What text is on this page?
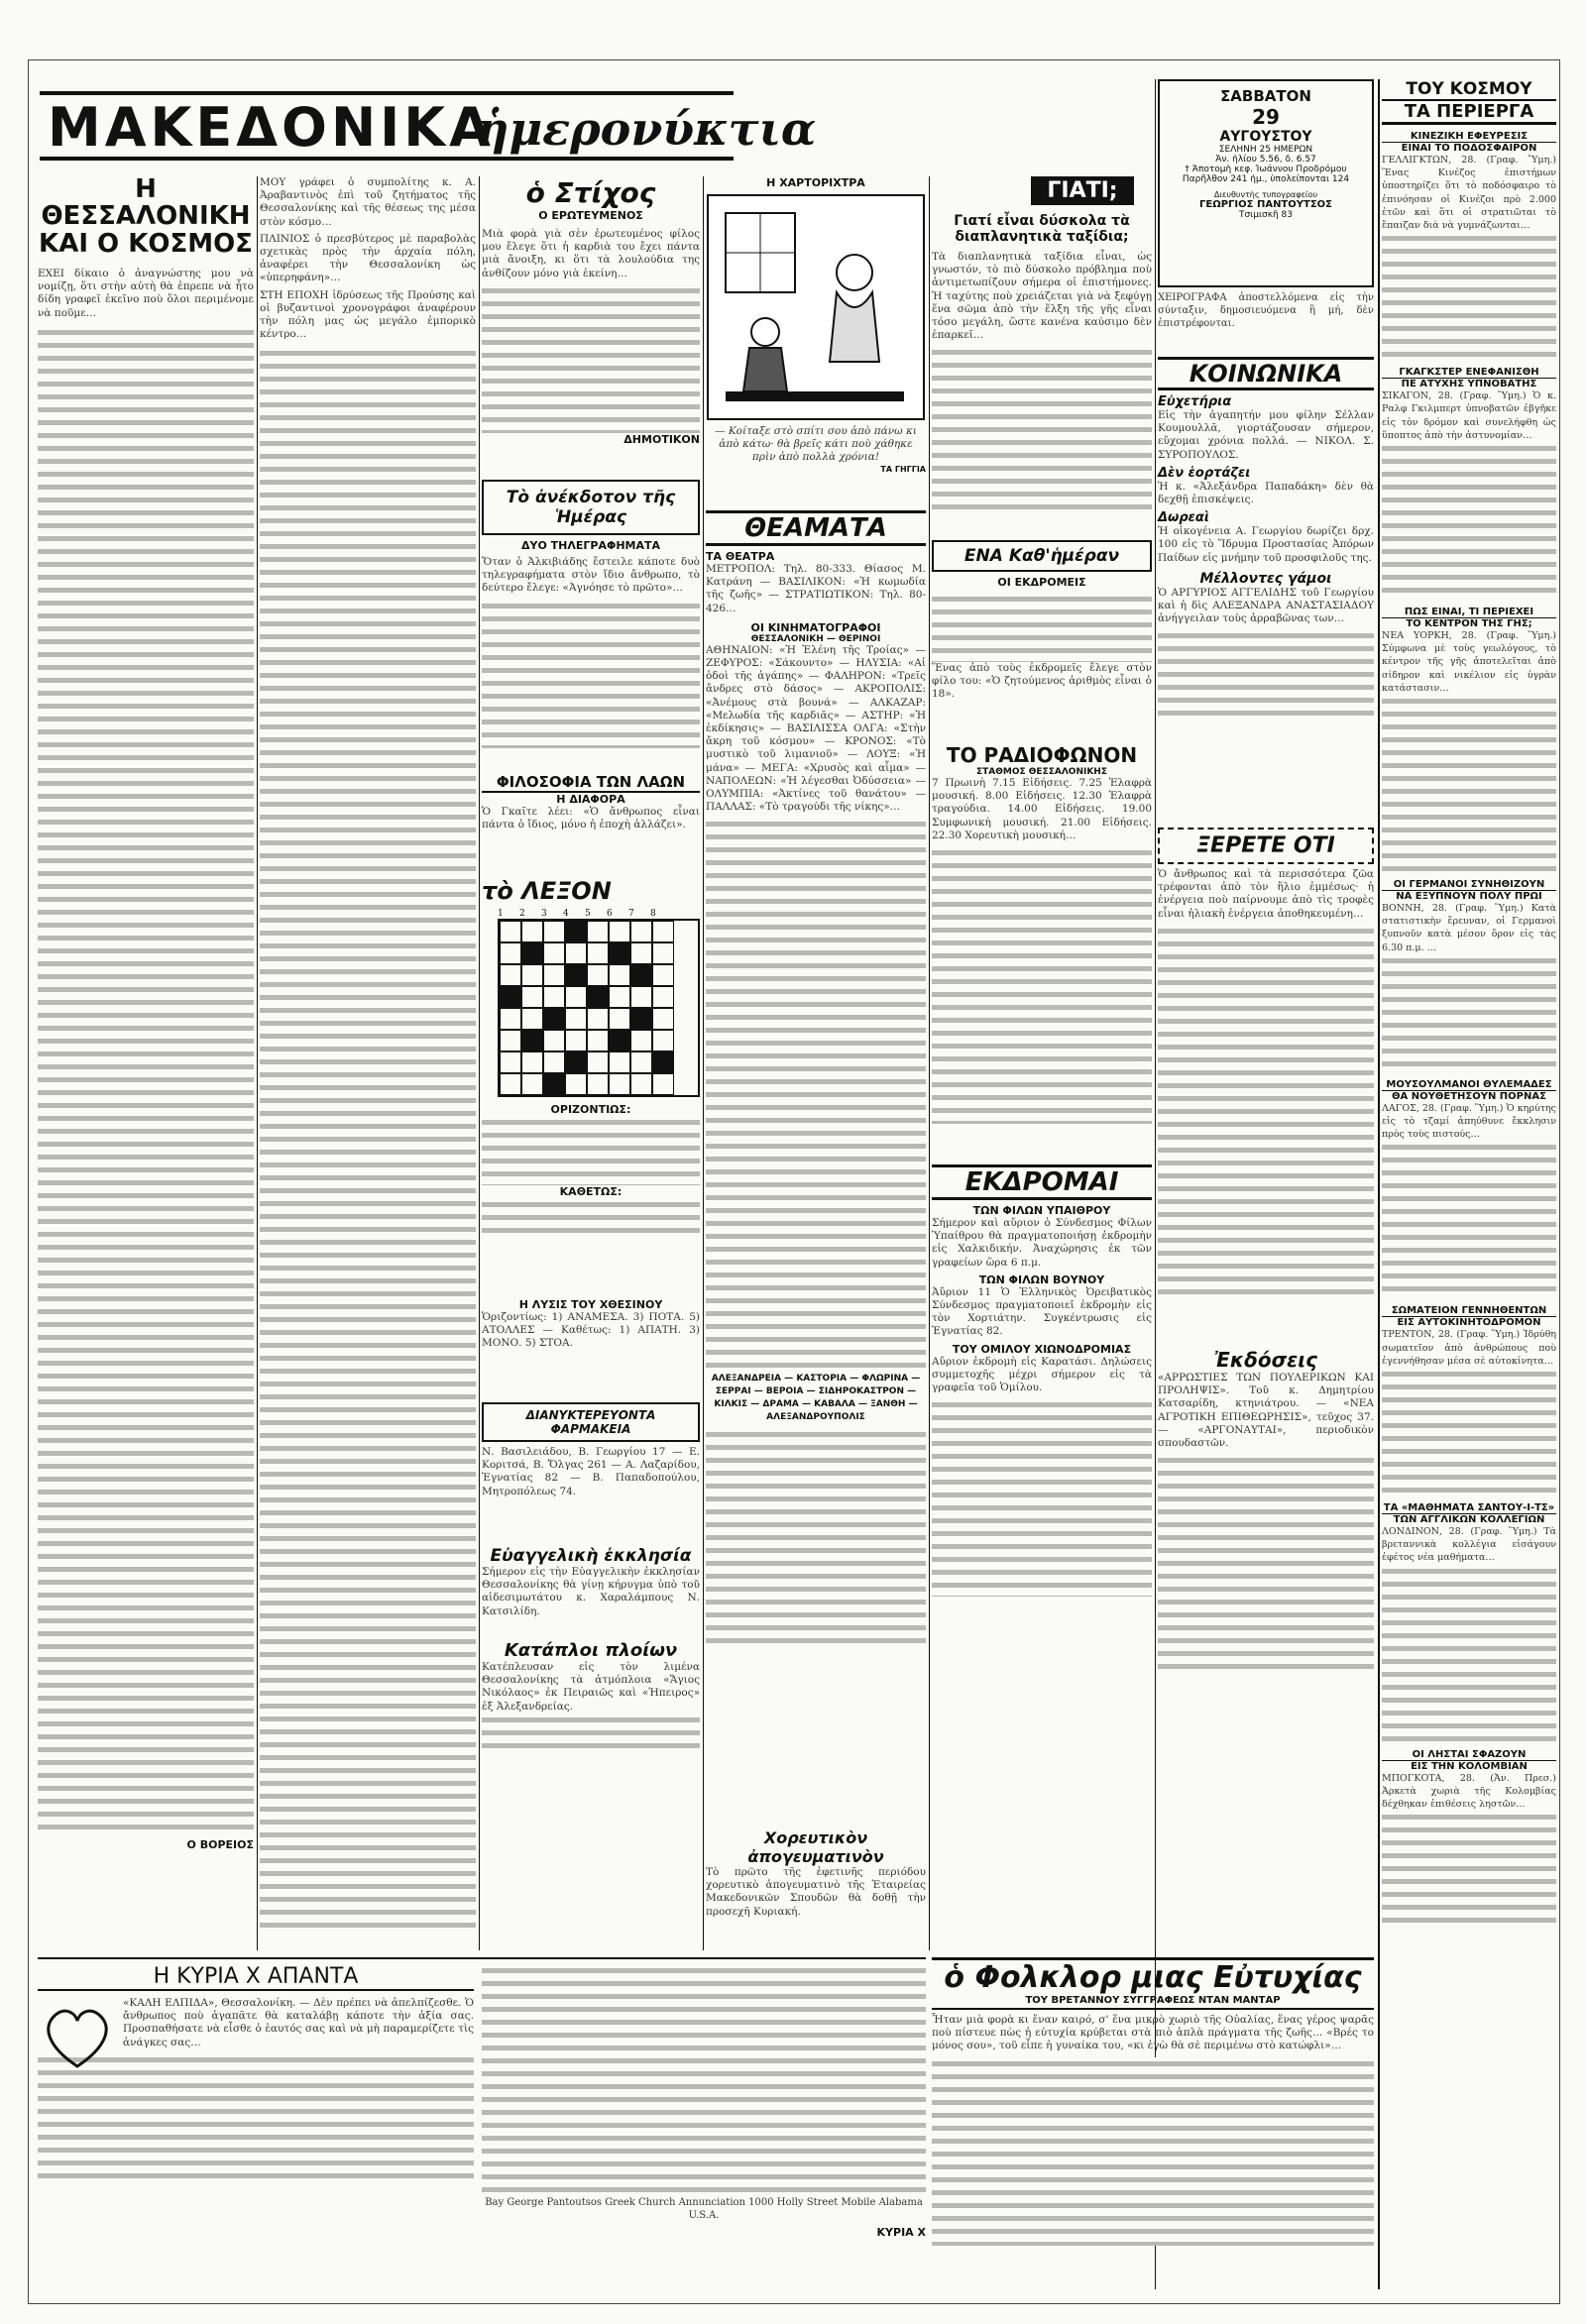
ΜΑΚΕΔΟΝΙΚΑ
ἡμερονύκτια
Η ΘΕΣΣΑΛΟΝΙΚΗ ΚΑΙ Ο ΚΟΣΜΟΣ

ΕΧΕΙ δίκαιο ὁ ἀναγνώστης μου νὰ νομίζῃ, ὅτι στὴν αὐτὴ θὰ ἐπρεπε νὰ ἦτο δίδη γραφεῖ ἐκεῖνο ποὺ ὅλοι περιμένομε νὰ ποῦμε…

Ο ΒΟΡΕΙΟΣ

ΜΟΥ γράφει ὁ συμπολίτης κ. Α. Ἀραβαντινὸς ἐπὶ τοῦ ζητήματος τῆς Θεσσαλονίκης καὶ τῆς θέσεως της μέσα στὸν κόσμο…

ΠΛΙΝΙΟΣ ὁ πρεσβύτερος μὲ παραβολὰς σχετικὰς πρὸς τὴν ἀρχαία πόλη, ἀναφέρει τὴν Θεσσαλονίκη ὡς «ὑπερηφάνη»…

ΣΤΗ ΕΠΟΧΗ ἰδρύσεως τῆς Προύσης καὶ οἱ βυζαντινοὶ χρονογράφοι ἀναφέρουν τὴν πόλη μας ὡς μεγάλο ἐμπορικὸ κέντρο…

ὁ Στίχος
Ο ΕΡΩΤΕΥΜΕΝΟΣ
Μιὰ φορὰ γιὰ σὲν ἐρωτευμένος φίλος μου ἔλεγε ὅτι ἡ καρδιὰ του ἔχει πάντα μιὰ ἄνοιξη, κι ὅτι τὰ λουλούδια της ἀνθίζουν μόνο γιὰ ἐκείνη…
ΔΗΜΟΤΙΚΟΝ
Τὸ ἀνέκδοτον τῆς Ἡμέρας
ΔΥΟ ΤΗΛΕΓΡΑΦΗΜΑΤΑ
Ὅταν ὁ Ἀλκιβιάδης ἔστειλε κάποτε δυὸ τηλεγραφήματα στὸν ἴδιο ἄνθρωπο, τὸ δεύτερο ἔλεγε: «Ἀγνόησε τὸ πρῶτο»…
ΦΙΛΟΣΟΦΙΑ ΤΩΝ ΛΑΩΝ
Η ΔΙΑΦΟΡΑ
Ὁ Γκαῖτε λέει: «Ὁ ἄνθρωπος εἶναι πάντα ὁ ἴδιος, μόνο ἡ ἐποχὴ ἀλλάζει».
τὸ ΛΕΞΟΝ
1	2	3	4	5	6	7	8
ΟΡΙΖΟΝΤΙΩΣ:
ΚΑΘΕΤΩΣ:
Η ΛΥΣΙΣ ΤΟΥ ΧΘΕΣΙΝΟΥ
Ὁριζοντίως: 1) ΑΝΑΜΕΣΑ. 3) ΠΟΤΑ. 5) ΑΤΟΛΛΕΣ — Καθέτως: 1) ΑΠΑΤΗ. 3) ΜΟΝΟ. 5) ΣΤΟΑ.
ΔΙΑΝΥΚΤΕΡΕΥΟΝΤΑ ΦΑΡΜΑΚΕΙΑ
Ν. Βασιλειάδου, Β. Γεωργίου 17 — Ε. Κοριτσά, Β. Ὄλγας 261 — Α. Λαζαρίδου, Ἐγνατίας 82 — Β. Παπαδοπούλου, Μητροπόλεως 74.
Εὐαγγελικὴ ἐκκλησία
Σήμερον εἰς τὴν Εὐαγγελικὴν ἐκκλησίαν Θεσσαλονίκης θὰ γίνῃ κήρυγμα ὑπὸ τοῦ αἰδεσιμωτάτου κ. Χαραλάμπους Ν. Κατσιλίδη.
Κατάπλοι πλοίων
Κατέπλευσαν εἰς τὸν λιμένα Θεσσαλονίκης τὰ ἀτμόπλοια «Ἄγιος Νικόλαος» ἐκ Πειραιῶς καὶ «Ἠπειρος» ἐξ Ἀλεξανδρείας.
Η ΧΑΡΤΟΡΙΧΤΡΑ
— Κοίταξε στὸ σπίτι σου ἀπὸ πάνω κι ἀπὸ κάτω· θὰ βρεῖς κάτι ποὺ χάθηκε πρὶν ἀπὸ πολλὰ χρόνια!
ΤΑ ΓΗΓΓΙΑ
ΘΕΑΜΑΤΑ
ΤΑ ΘΕΑΤΡΑ
ΜΕΤΡΟΠΟΛ: Τηλ. 80-333. Θίασος Μ. Κατράνη — ΒΑΣΙΛΙΚΟΝ: «Ἡ κωμωδία τῆς ζωῆς» — ΣΤΡΑΤΙΩΤΙΚΟΝ: Τηλ. 80-426…
ΟΙ ΚΙΝΗΜΑΤΟΓΡΑΦΟΙ
ΘΕΣΣΑΛΟΝΙΚΗ — ΘΕΡΙΝΟΙ
ΑΘΗΝΑΙΟΝ: «Ἡ Ἑλένη τῆς Τροίας» — ΖΕΦΥΡΟΣ: «Σάκουντο» — ΗΛΥΣΙΑ: «Αἱ ὁδοὶ τῆς ἀγάπης» — ΦΑΛΗΡΟΝ: «Τρεῖς ἄνδρες στὸ δάσος» — ΑΚΡΟΠΟΛΙΣ: «Ἀνέμους στὰ βουνά» — ΑΛΚΑΖΑΡ: «Μελωδία τῆς καρδιᾶς» — ΑΣΤΗΡ: «Ἡ ἐκδίκησις» — ΒΑΣΙΛΙΣΣΑ ΟΛΓΑ: «Στὴν ἄκρη τοῦ κόσμου» — ΚΡΟΝΟΣ: «Τὸ μυστικὸ τοῦ λιμανιοῦ» — ΛΟΥΞ: «Ἡ μάνα» — ΜΕΓΑ: «Χρυσὸς καὶ αἷμα» — ΝΑΠΟΛΕΩΝ: «Ἡ λέγεσθαι Ὀδύσσεια» — ΟΛΥΜΠΙΑ: «Ἀκτίνες τοῦ θανάτου» — ΠΑΛΛΑΣ: «Τὸ τραγούδι τῆς νίκης»…
ΑΛΕΞΑΝΔΡΕΙΑ — ΚΑΣΤΟΡΙΑ — ΦΛΩΡΙΝΑ — ΣΕΡΡΑΙ — ΒΕΡΟΙΑ — ΣΙΔΗΡΟΚΑΣΤΡΟΝ — ΚΙΛΚΙΣ — ΔΡΑΜΑ — ΚΑΒΑΛΑ — ΞΑΝΘΗ — ΑΛΕΞΑΝΔΡΟΥΠΟΛΙΣ
Χορευτικὸν ἀπογευματινὸν
Τὸ πρῶτο τῆς ἐφετινῆς περιόδου χορευτικὸ ἀπογευματινὸ τῆς Ἑταιρείας Μακεδονικῶν Σπουδῶν θὰ δοθῇ τὴν προσεχῆ Κυριακή.
ΓΙΑΤΙ;
Γιατί εἶναι δύσκολα τὰ διαπλανητικὰ ταξίδια;
Τὰ διαπλανητικὰ ταξίδια εἶναι, ὡς γνωστόν, τὸ πιὸ δύσκολο πρόβλημα ποὺ ἀντιμετωπίζουν σήμερα οἱ ἐπιστήμονες. Ἡ ταχύτης ποὺ χρειάζεται γιὰ νὰ ξεφύγῃ ἕνα σῶμα ἀπὸ τὴν ἕλξη τῆς γῆς εἶναι τόσο μεγάλη, ὥστε κανένα καύσιμο δὲν ἐπαρκεῖ…
ΕΝΑ Καθ'ἡμέραν
ΟΙ ΕΚΔΡΟΜΕΙΣ
Ἕνας ἀπὸ τοὺς ἐκδρομεῖς ἔλεγε στὸν φίλο του: «Ὁ ζητούμενος ἀριθμὸς εἶναι ὁ 18».
ΤΟ ΡΑΔΙΟΦΩΝΟΝ
ΣΤΑΘΜΟΣ ΘΕΣΣΑΛΟΝΙΚΗΣ
7 Πρωινὴ 7.15 Εἰδήσεις. 7.25 Ἐλαφρὰ μουσική. 8.00 Εἰδήσεις. 12.30 Ἐλαφρὰ τραγούδια. 14.00 Εἰδήσεις. 19.00 Συμφωνικὴ μουσική. 21.00 Εἰδήσεις. 22.30 Χορευτικὴ μουσική…
ΕΚΔΡΟΜΑΙ
ΤΩΝ ΦΙΛΩΝ ΥΠΑΙΘΡΟΥ
Σήμερον καὶ αὔριον ὁ Σύνδεσμος Φίλων Ὑπαίθρου θὰ πραγματοποιήσῃ ἐκδρομὴν εἰς Χαλκιδικήν. Ἀναχώρησις ἐκ τῶν γραφείων ὥρα 6 π.μ.
ΤΩΝ ΦΙΛΩΝ ΒΟΥΝΟΥ
Ἀὔριον 11 Ὁ Ἑλληνικὸς Ὀρειβατικὸς Σύνδεσμος πραγματοποιεῖ ἐκδρομὴν εἰς τὸν Χορτιάτην. Συγκέντρωσις εἰς Ἐγνατίας 82.
ΤΟΥ ΟΜΙΛΟΥ ΧΙΩΝΟΔΡΟΜΙΑΣ
Αὔριον ἐκδρομὴ εἰς Καρατάσι. Δηλώσεις συμμετοχῆς μέχρι σήμερον εἰς τὰ γραφεῖα τοῦ Ὁμίλου.
ΣΑΒΒΑΤΟΝ
29
ΑΥΓΟΥΣΤΟΥ
ΣΕΛΗΝΗ 25 ΗΜΕΡΩΝ
Ἀν. ἡλίου 5.56, δ. 6.57
† Ἀποτομὴ κεφ. Ἰωάννου Προδρόμου
Παρῆλθον 241 ἡμ., ὑπολείπονται 124
Διευθυντὴς τυπογραφείου
ΓΕΩΡΓΙΟΣ ΠΑΝΤΟΥΤΣΟΣ
Τσιμισκῆ 83
ΧΕΙΡΟΓΡΑΦΑ ἀποστελλόμενα εἰς τὴν σύνταξιν, δημοσιευόμενα ἢ μή, δὲν ἐπιστρέφονται.
ΚΟΙΝΩΝΙΚΑ
Εὐχετήρια
Εἰς τὴν ἀγαπητήν μου φίλην Σέλλαν Κουμουλλᾶ, γιορτάζουσαν σήμερον, εὔχομαι χρόνια πολλά. — ΝΙΚΟΛ. Σ. ΣΥΡΟΠΟΥΛΟΣ.
Δὲν ἑορτάζει
Ἡ κ. «Ἀλεξάνδρα Παπαδάκη» δὲν θὰ δεχθῇ ἐπισκέψεις.
Δωρεαὶ
Ἡ οἰκογένεια Α. Γεωργίου δωρίζει δρχ. 100 εἰς τὸ Ἵδρυμα Προστασίας Ἀπόρων Παίδων εἰς μνήμην τοῦ προσφιλοῦς της.
Μέλλοντες γάμοι
Ὁ ΑΡΓΥΡΙΟΣ ΑΓΓΕΛΙΔΗΣ τοῦ Γεωργίου καὶ ἡ δὶς ΑΛΕΞΑΝΔΡΑ ΑΝΑΣΤΑΣΙΑΔΟΥ ἀνήγγειλαν τοὺς ἀρραβῶνας των…
ΞΕΡΕΤΕ ΟΤΙ
Ὁ ἄνθρωπος καὶ τὰ περισσότερα ζῶα τρέφονται ἀπὸ τὸν ἥλιο ἐμμέσως· ἡ ἐνέργεια ποὺ παίρνουμε ἀπὸ τὶς τροφὲς εἶναι ἡλιακὴ ἐνέργεια ἀποθηκευμένη…
Ἐκδόσεις
«ΑΡΡΩΣΤΙΕΣ ΤΩΝ ΠΟΥΛΕΡΙΚΩΝ ΚΑΙ ΠΡΟΛΗΨΙΣ». Τοῦ κ. Δημητρίου Κατσαρίδη, κτηνιάτρου. — «ΝΕΑ ΑΓΡΟΤΙΚΗ ΕΠΙΘΕΩΡΗΣΙΣ», τεῦχος 37. — «ΑΡΓΟΝΑΥΤΑΙ», περιοδικὸν σπουδαστῶν.
ΤΟΥ ΚΟΣΜΟΥ
ΤΑ ΠΕΡΙΕΡΓΑ
ΚΙΝΕΖΙΚΗ ΕΦΕΥΡΕΣΙΣ
ΕΙΝΑΙ ΤΟ ΠΟΔΟΣΦΑΙΡΟΝ
ΓΕΛΛΙΓΚΤΩΝ, 28. (Γραφ. Ὕμη.) Ἕνας Κινέζος ἐπιστήμων ὑποστηρίζει ὅτι τὸ ποδόσφαιρο τὸ ἐπινόησαν οἱ Κινέζοι πρὸ 2.000 ἐτῶν καὶ ὅτι οἱ στρατιῶται τὸ ἔπαιζαν διὰ νὰ γυμνάζωνται…
ΓΚΑΓΚΣΤΕΡ ΕΝΕΦΑΝΙΣΘΗ
ΠΕ ΑΤΥΧΗΣ ΥΠΝΟΒΑΤΗΣ
ΣΙΚΑΓΟΝ, 28. (Γραφ. Ὕμη.) Ὁ κ. Ραλφ Γκιλμπερτ ὑπνοβατῶν ἐβγῆκε εἰς τὸν δρόμον καὶ συνελήφθη ὡς ὕποπτος ἀπὸ τὴν ἀστυνομίαν…
ΠΩΣ ΕΙΝΑΙ, ΤΙ ΠΕΡΙΕΧΕΙ
ΤΟ ΚΕΝΤΡΟΝ ΤΗΣ ΓΗΣ;
ΝΕΑ ΥΟΡΚΗ, 28. (Γραφ. Ὕμη.) Σύμφωνα μὲ τοὺς γεωλόγους, τὸ κέντρον τῆς γῆς ἀποτελεῖται ἀπὸ σίδηρον καὶ νικέλιον εἰς ὑγρὰν κατάστασιν…
ΟΙ ΓΕΡΜΑΝΟΙ ΣΥΝΗΘΙΖΟΥΝ
ΝΑ ΕΞΥΠΝΟΥΝ ΠΟΛΥ ΠΡΩΙ
ΒΟΝΝΗ, 28. (Γραφ. Ὕμη.) Κατὰ στατιστικὴν ἔρευναν, οἱ Γερμανοὶ ξυπνοῦν κατὰ μέσον ὅρον εἰς τὰς 6.30 π.μ. …
ΜΟΥΣΟΥΛΜΑΝΟΙ ΘΥΛΕΜΑΔΕΣ
ΘΑ ΝΟΥΘΕΤΗΣΟΥΝ ΠΟΡΝΑΣ
ΛΑΓΟΣ, 28. (Γραφ. Ὕμη.) Ὁ κηρύτης εἰς τὸ τζαμί ἀπηύθυνε ἔκκλησιν πρὸς τοὺς πιστούς…
ΣΩΜΑΤΕΙΟΝ ΓΕΝΝΗΘΕΝΤΩΝ
ΕΙΣ ΑΥΤΟΚΙΝΗΤΟΔΡΟΜΟΝ
ΤΡΕΝΤΟΝ, 28. (Γραφ. Ὕμη.) Ἱδρύθη σωματεῖον ἀπὸ ἀνθρώπους ποὺ ἐγεννήθησαν μέσα σὲ αὐτοκίνητα…
ΤΑ «ΜΑΘΗΜΑΤΑ ΣΑΝΤΟΥ-Ι-ΤΣ»
ΤΩΝ ΑΓΓΛΙΚΩΝ ΚΟΛΛΕΓΙΩΝ
ΛΟΝΔΙΝΟΝ, 28. (Γραφ. Ὕμη.) Τὰ βρεταννικὰ κολλέγια εἰσάγουν ἐφέτος νέα μαθήματα…
ΟΙ ΛΗΣΤΑΙ ΣΦΑΖΟΥΝ
ΕΙΣ ΤΗΝ ΚΟΛΟΜΒΙΑΝ
ΜΠΟΓΚΟΤΑ, 28. (Ἀν. Πρεσ.) Ἀρκετὰ χωριὰ τῆς Κολομβίας δέχθηκαν ἐπιθέσεις ληστῶν…
Η ΚΥΡΙΑ Χ ΑΠΑΝΤΑ
«ΚΑΛΗ ΕΛΠΙΔΑ», Θεσσαλονίκη. — Δὲν πρέπει νὰ ἀπελπίζεσθε. Ὁ ἄνθρωπος ποὺ ἀγαπᾶτε θὰ καταλάβῃ κάποτε τὴν ἀξία σας. Προσπαθήσατε νὰ εἶσθε ὁ ἑαυτός σας καὶ νὰ μὴ παραμερίζετε τὶς ἀνάγκες σας…
Bay George Pantoutsos Greek Church Annunciation 1000 Holly Street Mobile Alabama U.S.A.
ΚΥΡΙΑ Χ
ὁ Φολκλορ μιας Εὐτυχίας
ΤΟΥ ΒΡΕΤΑΝΝΟΥ ΣΥΓΓΡΑΦΕΩΣ ΝΤΑΝ ΜΑΝΤΑΡ
Ἦταν μιὰ φορὰ κι ἕναν καιρό, σ' ἕνα μικρὸ χωριὸ τῆς Οὐαλίας, ἕνας γέρος ψαρᾶς ποὺ πίστευε πὼς ἡ εὐτυχία κρύβεται στὰ πιὸ ἁπλὰ πράγματα τῆς ζωῆς… «Βρές το μόνος σου», τοῦ εἶπε ἡ γυναίκα του, «κι ἐγὼ θὰ σὲ περιμένω στὸ κατώφλι»…
